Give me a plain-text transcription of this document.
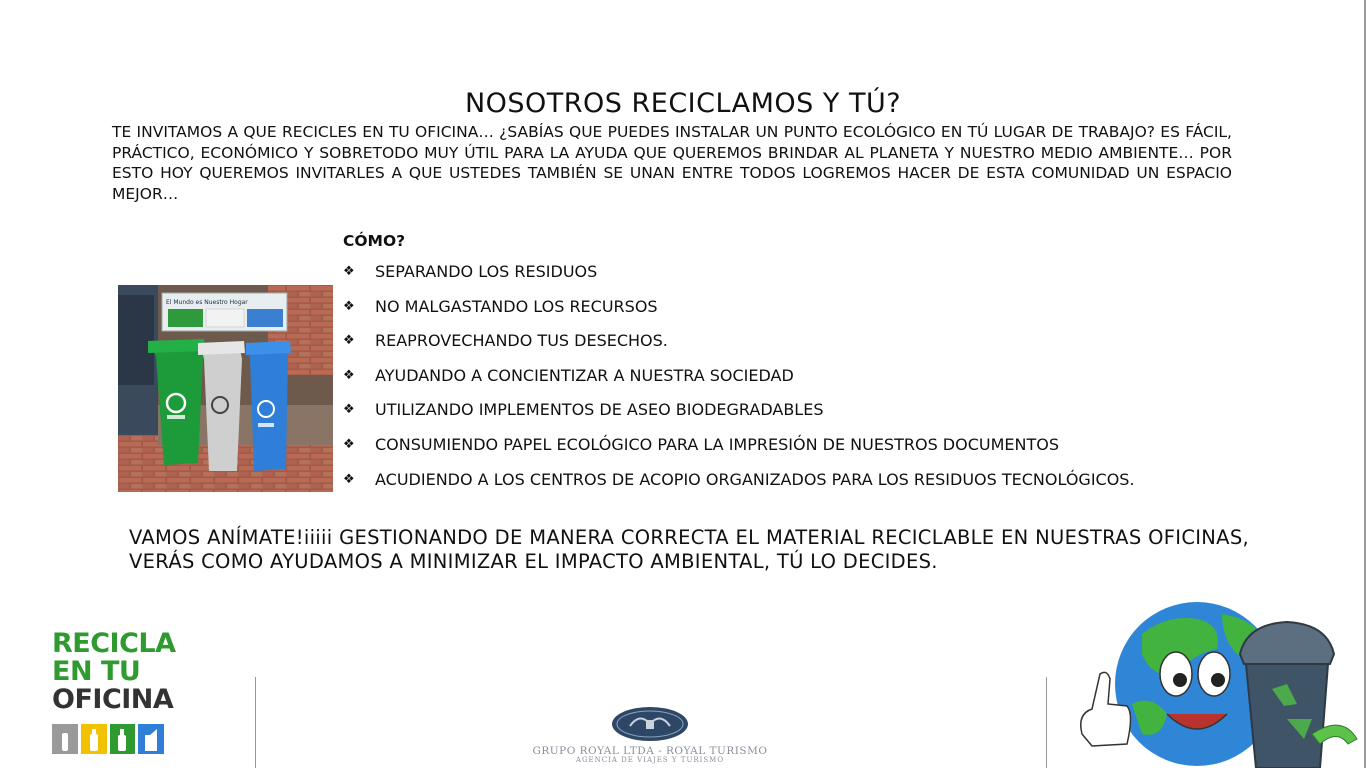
NOSOTROS RECICLAMOS Y TÚ?

TE INVITAMOS A QUE RECICLES EN TU OFICINA… ¿SABÍAS QUE PUEDES INSTALAR UN PUNTO ECOLÓGICO EN TÚ LUGAR DE TRABAJO? ES FÁCIL, PRÁCTICO, ECONÓMICO Y SOBRETODO MUY ÚTIL PARA LA AYUDA QUE QUEREMOS BRINDAR AL PLANETA Y NUESTRO MEDIO AMBIENTE… POR ESTO HOY QUEREMOS INVITARLES A QUE USTEDES TAMBIÉN SE UNAN ENTRE TODOS LOGREMOS HACER DE ESTA COMUNIDAD UN ESPACIO MEJOR…

El Mundo es Nuestro Hogar
CÓMO?
❖	SEPARANDO LOS RESIDUOS
❖	NO MALGASTANDO LOS RECURSOS
❖	REAPROVECHANDO TUS DESECHOS.
❖	AYUDANDO A CONCIENTIZAR A NUESTRA SOCIEDAD
❖	UTILIZANDO IMPLEMENTOS DE ASEO BIODEGRADABLES
❖	CONSUMIENDO PAPEL ECOLÓGICO PARA LA IMPRESIÓN DE NUESTROS DOCUMENTOS
❖	ACUDIENDO A LOS CENTROS DE ACOPIO ORGANIZADOS PARA LOS RESIDUOS TECNOLÓGICOS.

VAMOS ANÍMATE!iiiii GESTIONANDO DE MANERA CORRECTA EL MATERIAL RECICLABLE EN NUESTRAS OFICINAS, VERÁS COMO AYUDAMOS A MINIMIZAR EL IMPACTO AMBIENTAL, TÚ LO DECIDES.

RECICLA
EN TU
OFICINA
GRUPO ROYAL LTDA - ROYAL TURISMO
AGENCIA DE VIAJES Y TURISMO
